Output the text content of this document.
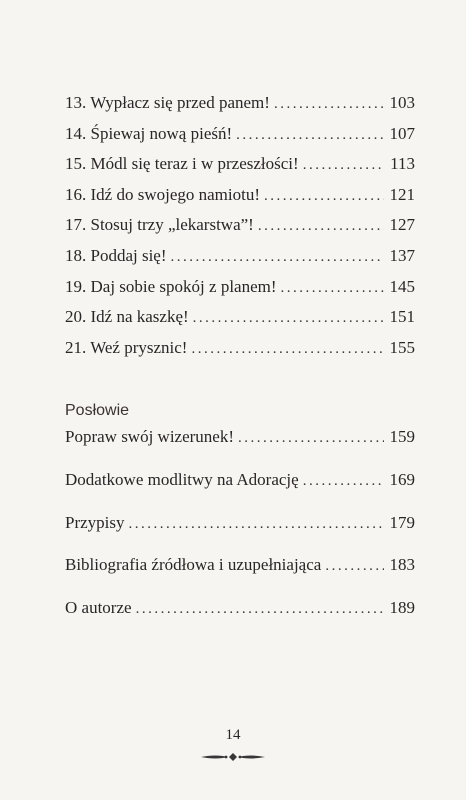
13. Wypłacz się przed panem! .....	103
14. Śpiewaj nową pieśń! .....	107
15. Módl się teraz i w przeszłości! .....	113
16. Idź do swojego namiotu! .....	121
17. Stosuj trzy „lekarstwa”! .....	127
18. Poddaj się! .....	137
19. Daj sobie spokój z planem! .....	145
20. Idź na kaszkę! .....	151
21. Weź prysznic! .....	155
Posłowie
Popraw swój wizerunek! .....	159
Dodatkowe modlitwy na Adorację .....	169
Przypisy .....	179
Bibliografia źródłowa i uzupełniająca .....	183
O autorze .....	189
14
